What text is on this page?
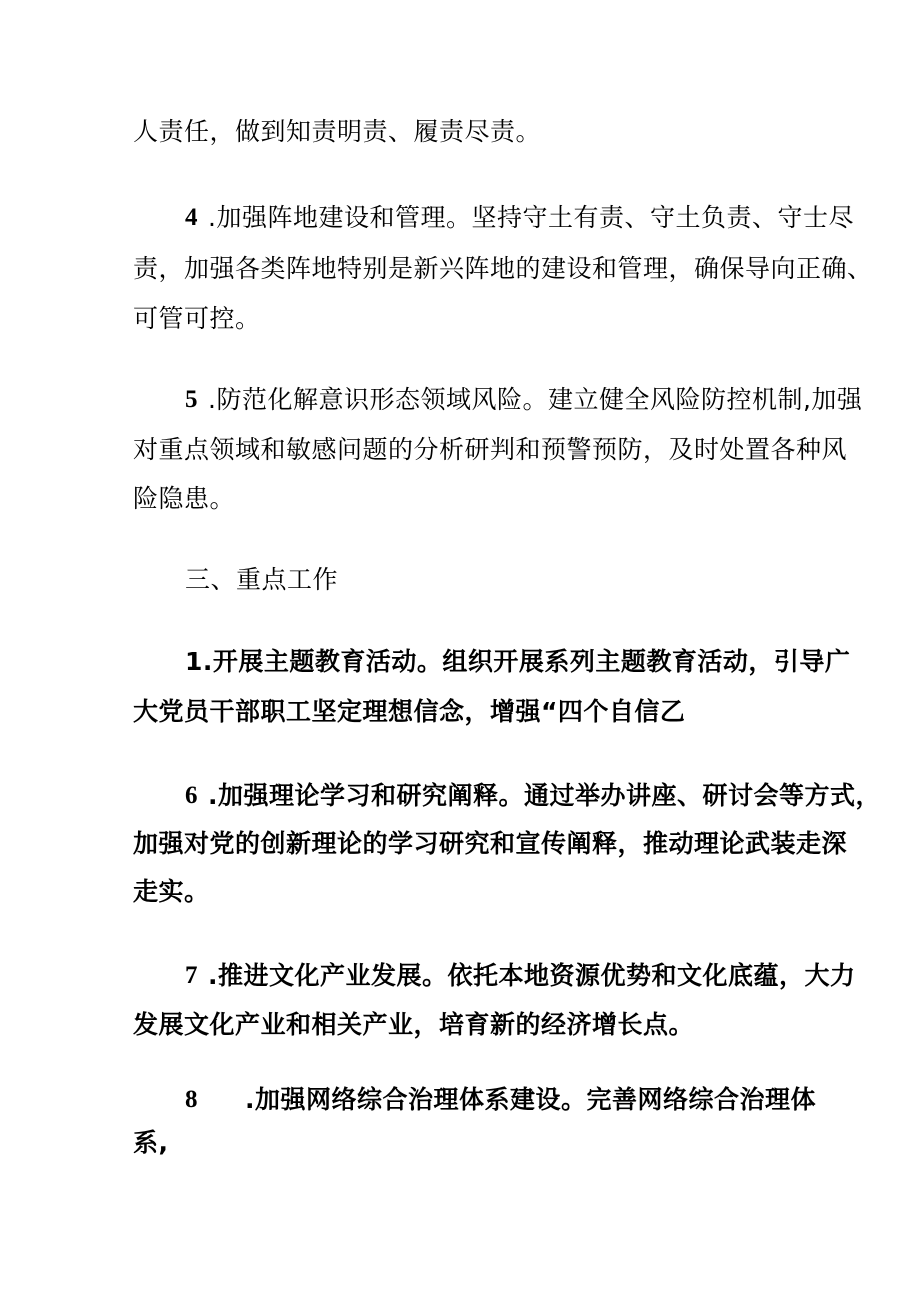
人责任，做到知责明责、履责尽责。
4 .加强阵地建设和管理。坚持守土有责、守土负责、守士尽
责，加强各类阵地特别是新兴阵地的建设和管理，确保导向正确、
可管可控。
5 .防范化解意识形态领域风险。建立健全风险防控机制,加强
对重点领域和敏感问题的分析研判和预警预防，及时处置各种风
险隐患。
三、重点工作
1.开展主题教育活动。组织开展系列主题教育活动，引导广
大党员干部职工坚定理想信念，增强“四个自信乙
6 .加强理论学习和研究阐释。通过举办讲座、研讨会等方式，
加强对党的创新理论的学习研究和宣传阐释，推动理论武装走深
走实。
7 .推进文化产业发展。依托本地资源优势和文化底蕴，大力
发展文化产业和相关产业，培育新的经济增长点。
8 .加强网络综合治理体系建设。完善网络综合治理体
系,
